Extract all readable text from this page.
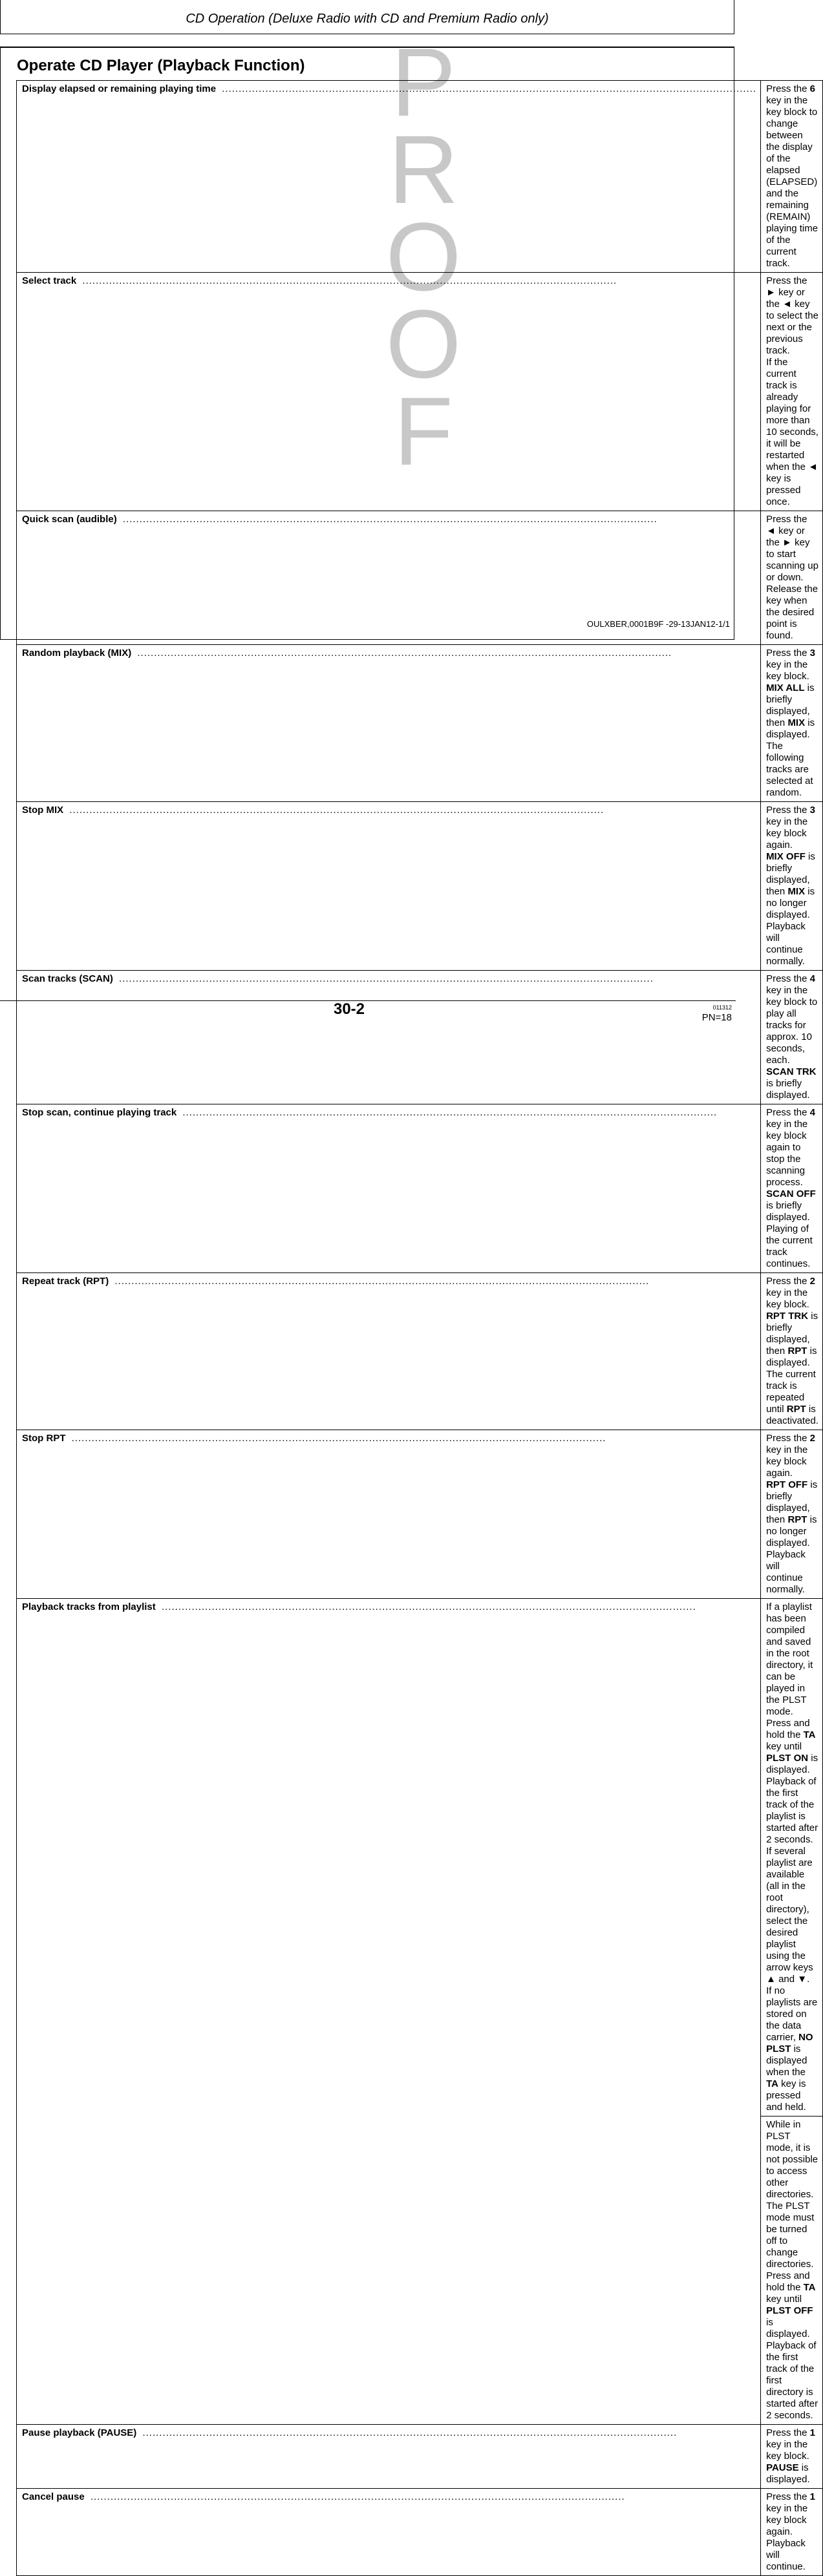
CD Operation (Deluxe Radio with CD and Premium Radio only)
P
R
O
O
F
Operate CD Player (Playback Function)
Display elapsed or remaining playing time ................................................................................................................................................................	Press the 6 key in the key block to change between the display of the elapsed (ELAPSED) and the remaining (REMAIN) playing time of the current track.

Select track ................................................................................................................................................................	Press the ► key or the ◄ key to select the next or the previous track.
If the current track is already playing for more than 10 seconds, it will be restarted when the ◄ key is pressed once.

Quick scan (audible) ................................................................................................................................................................	Press the ◄ key or the ► key to start scanning up or down. Release the key when the desired point is found.

Random playback (MIX) ................................................................................................................................................................	Press the 3 key in the key block.
MIX ALL is briefly displayed, then MIX is displayed. The following tracks are selected at random.

Stop MIX ................................................................................................................................................................	Press the 3 key in the key block again.
MIX OFF is briefly displayed, then MIX is no longer displayed. Playback will continue normally.

Scan tracks (SCAN) ................................................................................................................................................................	Press the 4 key in the key block to play all tracks for approx. 10 seconds, each.
SCAN TRK is briefly displayed.

Stop scan, continue playing track ................................................................................................................................................................	Press the 4 key in the key block again to stop the scanning process.
SCAN OFF is briefly displayed. Playing of the current track continues.

Repeat track (RPT) ................................................................................................................................................................	Press the 2 key in the key block.
RPT TRK is briefly displayed, then RPT is displayed. The current track is repeated until RPT is deactivated.

Stop RPT ................................................................................................................................................................	Press the 2 key in the key block again.
RPT OFF is briefly displayed, then RPT is no longer displayed. Playback will continue normally.

Playback tracks from playlist ................................................................................................................................................................	If a playlist has been compiled and saved in the root directory, it can be played in the PLST mode.
Press and hold the TA key until PLST ON is displayed. Playback of the first track of the playlist is started after 2 seconds.
If several playlist are available (all in the root directory), select the desired playlist using the arrow keys ▲ and ▼.
If no playlists are stored on the data carrier, NO PLST is displayed when the TA key is pressed and held.

	While in PLST mode, it is not possible to access other directories. The PLST mode must be turned off to change directories.
Press and hold the TA key until PLST OFF is displayed. Playback of the first track of the first directory is started after 2 seconds.

Pause playback (PAUSE) ................................................................................................................................................................	Press the 1 key in the key block. PAUSE is displayed.

Cancel pause ................................................................................................................................................................	Press the 1 key in the key block again. Playback will continue.
OULXBER,0001B9F -29-13JAN12-1/1
30-2	011312
PN=18
